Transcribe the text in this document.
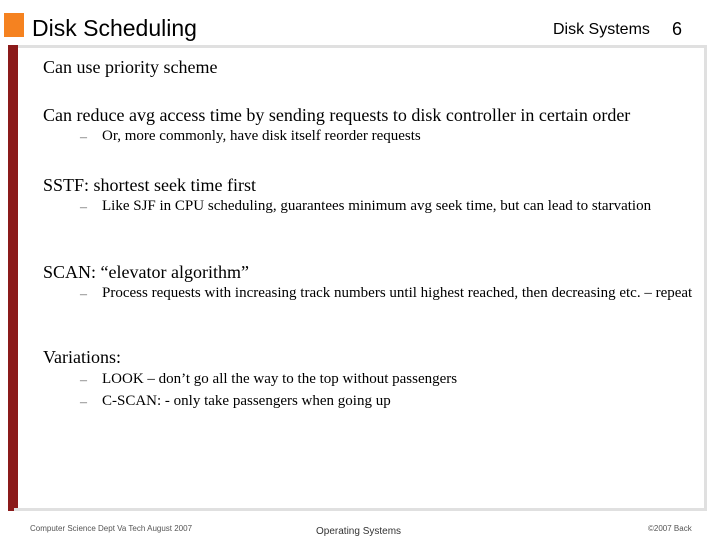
Disk Scheduling	Disk Systems 6
Can use priority scheme
Can reduce avg access time by sending requests to disk controller in certain order
– Or, more commonly, have disk itself reorder requests
SSTF: shortest seek time first
– Like SJF in CPU scheduling, guarantees minimum avg seek time, but can lead to starvation
SCAN: “elevator algorithm”
– Process requests with increasing track numbers until highest reached, then decreasing etc. – repeat
Variations:
– LOOK – don’t go all the way to the top without passengers
– C-SCAN: - only take passengers when going up
Computer Science Dept Va Tech August 2007	Operating Systems	©2007 Back
